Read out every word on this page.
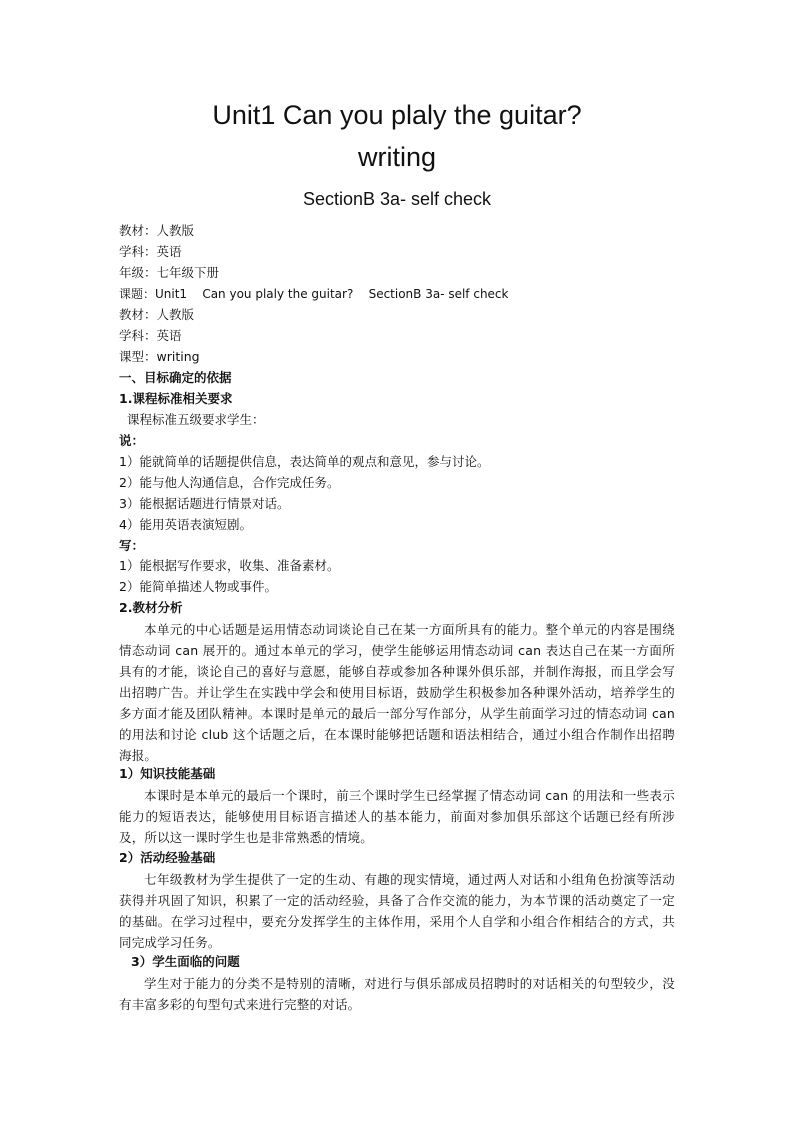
Unit1 Can you plaly the guitar?
writing
SectionB 3a- self check
教材：人教版
学科：英语
年级：七年级下册
课题：Unit1    Can you plaly the guitar?    SectionB 3a- self check
教材：人教版
学科：英语
课型：writing
一、目标确定的依据
1.课程标准相关要求
课程标准五级要求学生：
说：
1）能就简单的话题提供信息，表达简单的观点和意见，参与讨论。
2）能与他人沟通信息，合作完成任务。
3）能根据话题进行情景对话。
4）能用英语表演短剧。
写：
1）能根据写作要求，收集、准备素材。
2）能简单描述人物或事件。
2.教材分析
本单元的中心话题是运用情态动词谈论自己在某一方面所具有的能力。整个单元的内容是围绕情态动词 can 展开的。通过本单元的学习，使学生能够运用情态动词 can 表达自己在某一方面所具有的才能，谈论自己的喜好与意愿，能够自荐或参加各种课外俱乐部，并制作海报，而且学会写出招聘广告。并让学生在实践中学会和使用目标语，鼓励学生积极参加各种课外活动，培养学生的多方面才能及团队精神。本课时是单元的最后一部分写作部分，从学生前面学习过的情态动词 can 的用法和讨论 club 这个话题之后，在本课时能够把话题和语法相结合，通过小组合作制作出招聘海报。
1）知识技能基础
本课时是本单元的最后一个课时，前三个课时学生已经掌握了情态动词 can 的用法和一些表示能力的短语表达，能够使用目标语言描述人的基本能力，前面对参加俱乐部这个话题已经有所涉及，所以这一课时学生也是非常熟悉的情境。
2）活动经验基础
七年级教材为学生提供了一定的生动、有趣的现实情境，通过两人对话和小组角色扮演等活动获得并巩固了知识，积累了一定的活动经验，具备了合作交流的能力，为本节课的活动奠定了一定的基础。在学习过程中，要充分发挥学生的主体作用，采用个人自学和小组合作相结合的方式，共同完成学习任务。
3）学生面临的问题
学生对于能力的分类不是特别的清晰，对进行与俱乐部成员招聘时的对话相关的句型较少，没有丰富多彩的句型句式来进行完整的对话。
